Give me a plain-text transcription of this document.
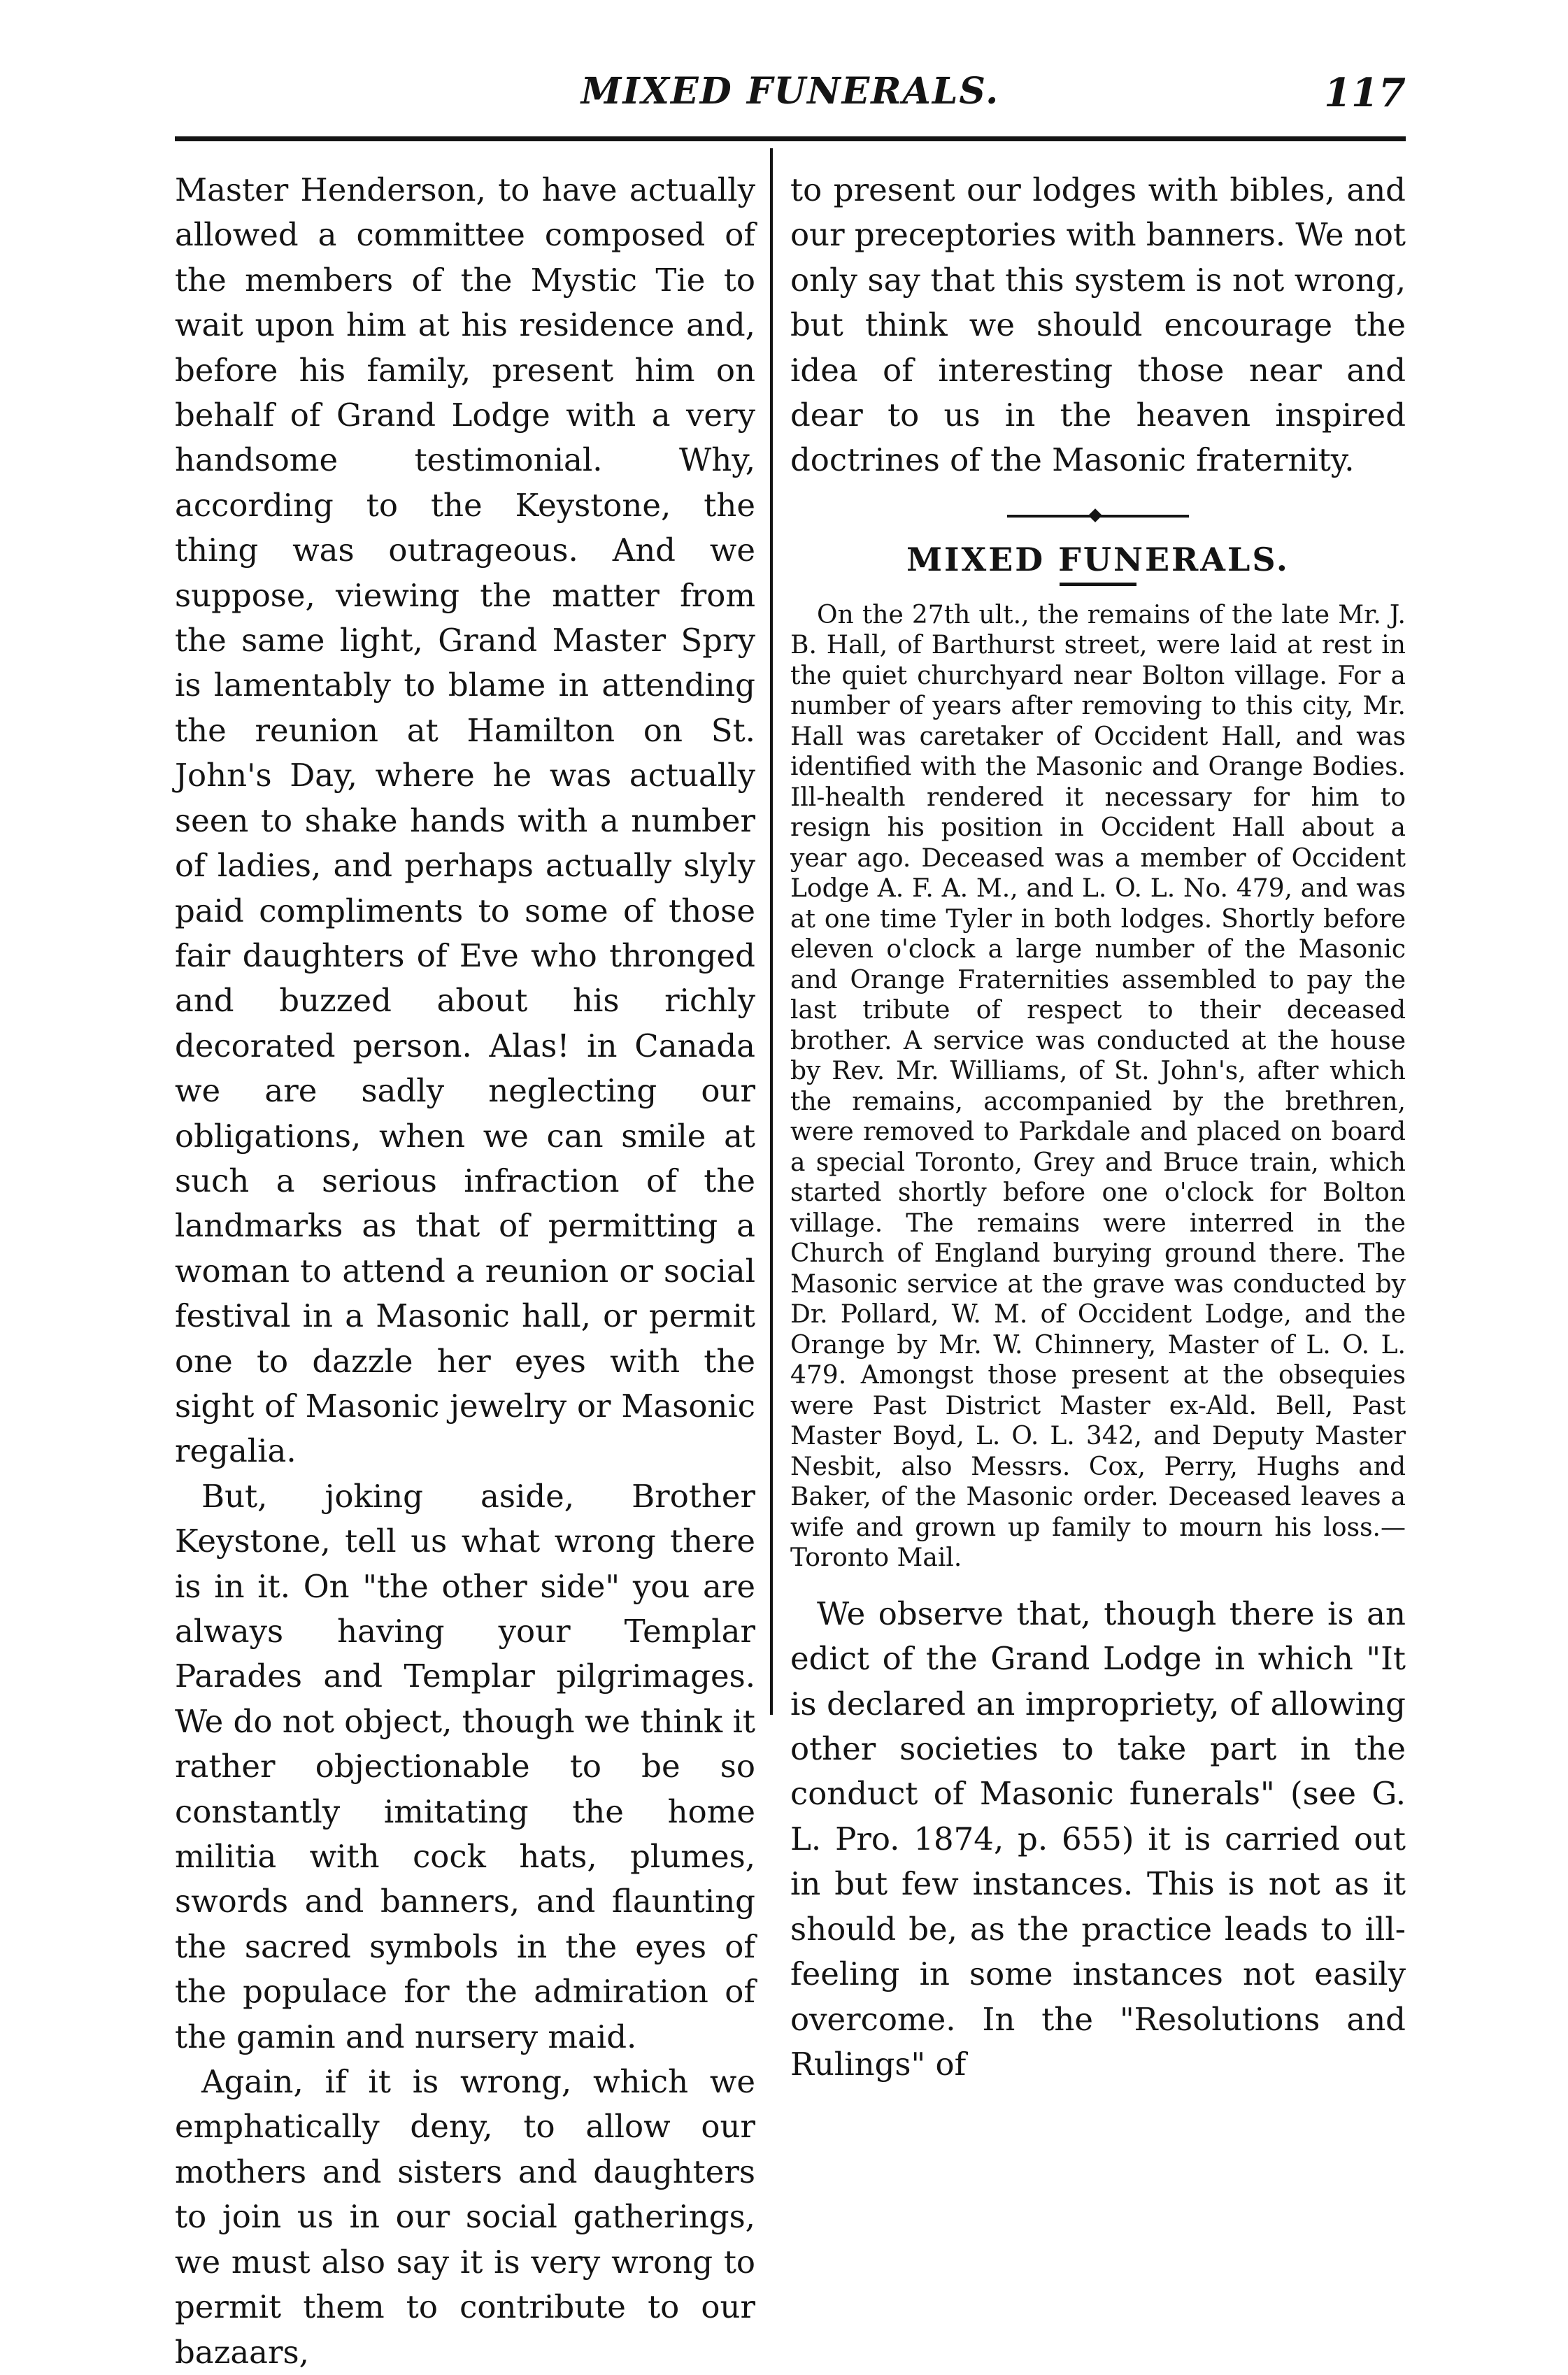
MIXED FUNERALS.	117

Master Henderson, to have actually allowed a committee composed of the members of the Mystic Tie to wait upon him at his residence and, before his family, present him on behalf of Grand Lodge with a very handsome testimonial. Why, according to the Keystone, the thing was outrageous. And we suppose, viewing the matter from the same light, Grand Master Spry is lamentably to blame in attending the reunion at Hamilton on St. John's Day, where he was actually seen to shake hands with a number of ladies, and perhaps actually slyly paid compliments to some of those fair daughters of Eve who thronged and buzzed about his richly decorated person. Alas! in Canada we are sadly neglecting our obligations, when we can smile at such a serious infraction of the landmarks as that of permitting a woman to attend a reunion or social festival in a Masonic hall, or permit one to dazzle her eyes with the sight of Masonic jewelry or Masonic regalia.

But, joking aside, Brother Keystone, tell us what wrong there is in it. On "the other side" you are always having your Templar Parades and Templar pilgrimages. We do not object, though we think it rather objectionable to be so constantly imitating the home militia with cock hats, plumes, swords and banners, and flaunting the sacred symbols in the eyes of the populace for the admiration of the gamin and nursery maid.

Again, if it is wrong, which we emphatically deny, to allow our mothers and sisters and daughters to join us in our social gatherings, we must also say it is very wrong to permit them to contribute to our bazaars,

to present our lodges with bibles, and our preceptories with banners. We not only say that this system is not wrong, but think we should encourage the idea of interesting those near and dear to us in the heaven inspired doctrines of the Masonic fraternity.

MIXED FUNERALS.

On the 27th ult., the remains of the late Mr. J. B. Hall, of Barthurst street, were laid at rest in the quiet churchyard near Bolton village. For a number of years after removing to this city, Mr. Hall was caretaker of Occident Hall, and was identified with the Masonic and Orange Bodies. Ill-health rendered it necessary for him to resign his position in Occident Hall about a year ago. Deceased was a member of Occident Lodge A. F. A. M., and L. O. L. No. 479, and was at one time Tyler in both lodges. Shortly before eleven o'clock a large number of the Masonic and Orange Fraternities assembled to pay the last tribute of respect to their deceased brother. A service was conducted at the house by Rev. Mr. Williams, of St. John's, after which the remains, accompanied by the brethren, were removed to Parkdale and placed on board a special Toronto, Grey and Bruce train, which started shortly before one o'clock for Bolton village. The remains were interred in the Church of England burying ground there. The Masonic service at the grave was conducted by Dr. Pollard, W. M. of Occident Lodge, and the Orange by Mr. W. Chinnery, Master of L. O. L. 479. Amongst those present at the obsequies were Past District Master ex-Ald. Bell, Past Master Boyd, L. O. L. 342, and Deputy Master Nesbit, also Messrs. Cox, Perry, Hughs and Baker, of the Masonic order. Deceased leaves a wife and grown up family to mourn his loss.—Toronto Mail.

We observe that, though there is an edict of the Grand Lodge in which "It is declared an impropriety, of allowing other societies to take part in the conduct of Masonic funerals" (see G. L. Pro. 1874, p. 655) it is carried out in but few instances. This is not as it should be, as the practice leads to ill-feeling in some instances not easily overcome. In the "Resolutions and Rulings" of
